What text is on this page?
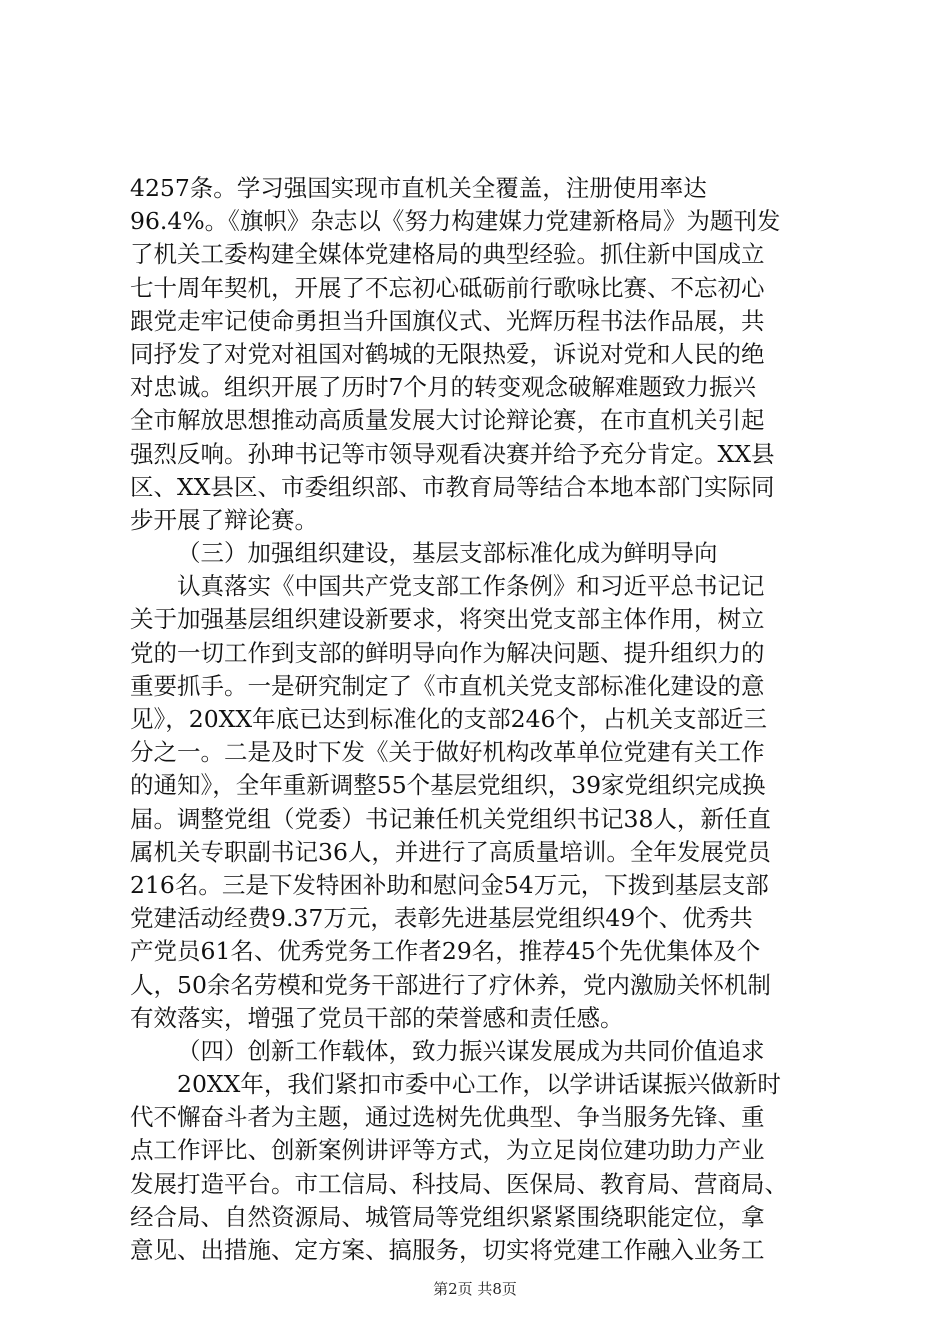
4257条。学习强国实现市直机关全覆盖，注册使用率达
96.4%。《旗帜》杂志以《努力构建媒力党建新格局》为题刊发
了机关工委构建全媒体党建格局的典型经验。抓住新中国成立
七十周年契机，开展了不忘初心砥砺前行歌咏比赛、不忘初心
跟党走牢记使命勇担当升国旗仪式、光辉历程书法作品展，共
同抒发了对党对祖国对鹤城的无限热爱，诉说对党和人民的绝
对忠诚。组织开展了历时7个月的转变观念破解难题致力振兴
全市解放思想推动高质量发展大讨论辩论赛，在市直机关引起
强烈反响。孙珅书记等市领导观看决赛并给予充分肯定。XX县
区、XX县区、市委组织部、市教育局等结合本地本部门实际同
步开展了辩论赛。
（三）加强组织建设，基层支部标准化成为鲜明导向
认真落实《中国共产党支部工作条例》和习近平总书记记
关于加强基层组织建设新要求，将突出党支部主体作用，树立
党的一切工作到支部的鲜明导向作为解决问题、提升组织力的
重要抓手。一是研究制定了《市直机关党支部标准化建设的意
见》，20XX年底已达到标准化的支部246个，占机关支部近三
分之一。二是及时下发《关于做好机构改革单位党建有关工作
的通知》，全年重新调整55个基层党组织，39家党组织完成换
届。调整党组（党委）书记兼任机关党组织书记38人，新任直
属机关专职副书记36人，并进行了高质量培训。全年发展党员
216名。三是下发特困补助和慰问金54万元，下拨到基层支部
党建活动经费9.37万元，表彰先进基层党组织49个、优秀共
产党员61名、优秀党务工作者29名，推荐45个先优集体及个
人，50余名劳模和党务干部进行了疗休养，党内激励关怀机制
有效落实，增强了党员干部的荣誉感和责任感。
（四）创新工作载体，致力振兴谋发展成为共同价值追求
20XX年，我们紧扣市委中心工作，以学讲话谋振兴做新时
代不懈奋斗者为主题，通过选树先优典型、争当服务先锋、重
点工作评比、创新案例讲评等方式，为立足岗位建功助力产业
发展打造平台。市工信局、科技局、医保局、教育局、营商局、
经合局、自然资源局、城管局等党组织紧紧围绕职能定位，拿
意见、出措施、定方案、搞服务，切实将党建工作融入业务工
第2页 共8页
